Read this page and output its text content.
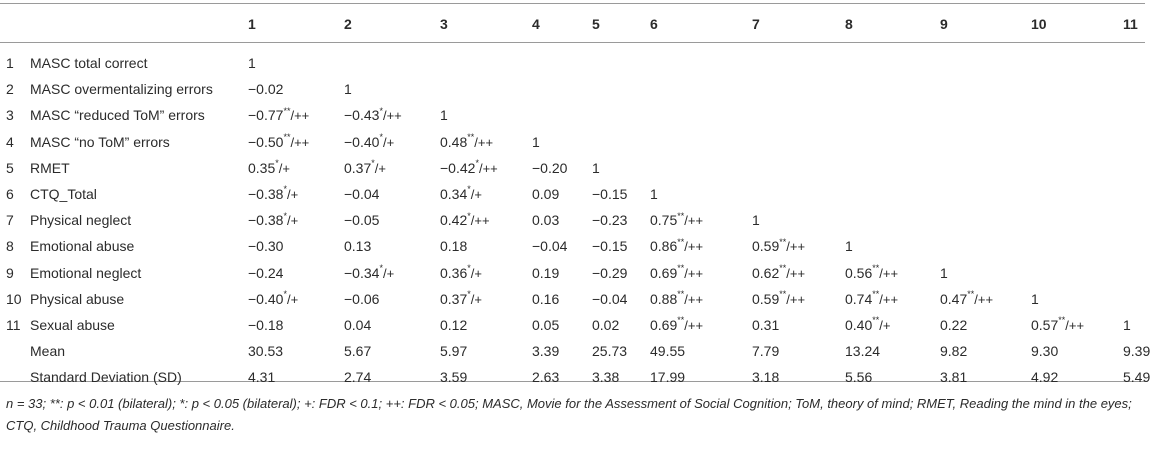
		1	2	3	4	5	6	7	8	9	10	11
1	MASC total correct	1										
2	MASC overmentalizing errors	−0.02	1									
3	MASC “reduced ToM” errors	−0.77**/++	−0.43*/++	1								
4	MASC “no ToM” errors	−0.50**/++	−0.40*/+	0.48**/++	1							
5	RMET	0.35*/+	0.37*/+	−0.42*/++	−0.20	1						
6	CTQ_Total	−0.38*/+	−0.04	0.34*/+	0.09	−0.15	1					
7	Physical neglect	−0.38*/+	−0.05	0.42*/++	0.03	−0.23	0.75**/++	1				
8	Emotional abuse	−0.30	0.13	0.18	−0.04	−0.15	0.86**/++	0.59**/++	1			
9	Emotional neglect	−0.24	−0.34*/+	0.36*/+	0.19	−0.29	0.69**/++	0.62**/++	0.56**/++	1		
10	Physical abuse	−0.40*/+	−0.06	0.37*/+	0.16	−0.04	0.88**/++	0.59**/++	0.74**/++	0.47**/++	1	
11	Sexual abuse	−0.18	0.04	0.12	0.05	0.02	0.69**/++	0.31	0.40**/+	0.22	0.57**/++	1
	Mean	30.53	5.67	5.97	3.39	25.73	49.55	7.79	13.24	9.82	9.30	9.39
	Standard Deviation (SD)	4.31	2.74	3.59	2.63	3.38	17.99	3.18	5.56	3.81	4.92	5.49
n = 33; **: p < 0.01 (bilateral); *: p < 0.05 (bilateral); +: FDR < 0.1; ++: FDR < 0.05; MASC, Movie for the Assessment of Social Cognition; ToM, theory of mind; RMET, Reading the mind in the eyes; CTQ, Childhood Trauma Questionnaire.
